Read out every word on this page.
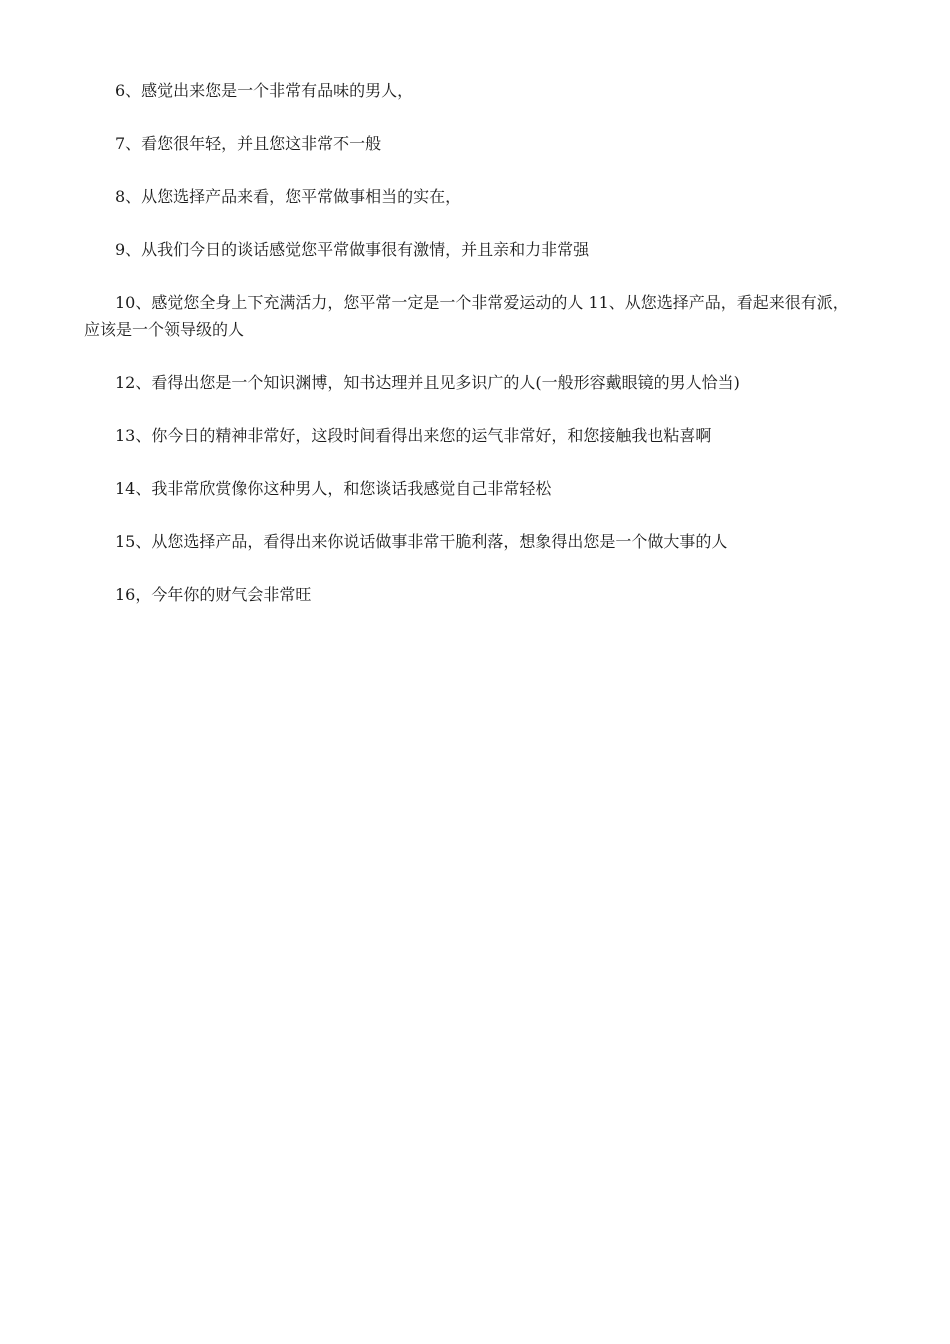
6、感觉出来您是一个非常有品味的男人，

7、看您很年轻，并且您这非常不一般

8、从您选择产品来看，您平常做事相当的实在，

9、从我们今日的谈话感觉您平常做事很有激情，并且亲和力非常强

10、感觉您全身上下充满活力，您平常一定是一个非常爱运动的人 11、从您选择产品，看起来很有派，应该是一个领导级的人

12、看得出您是一个知识渊博，知书达理并且见多识广的人(一般形容戴眼镜的男人恰当)

13、你今日的精神非常好，这段时间看得出来您的运气非常好，和您接触我也粘喜啊

14、我非常欣赏像你这种男人，和您谈话我感觉自己非常轻松

15、从您选择产品，看得出来你说话做事非常干脆利落，想象得出您是一个做大事的人

16，今年你的财气会非常旺
